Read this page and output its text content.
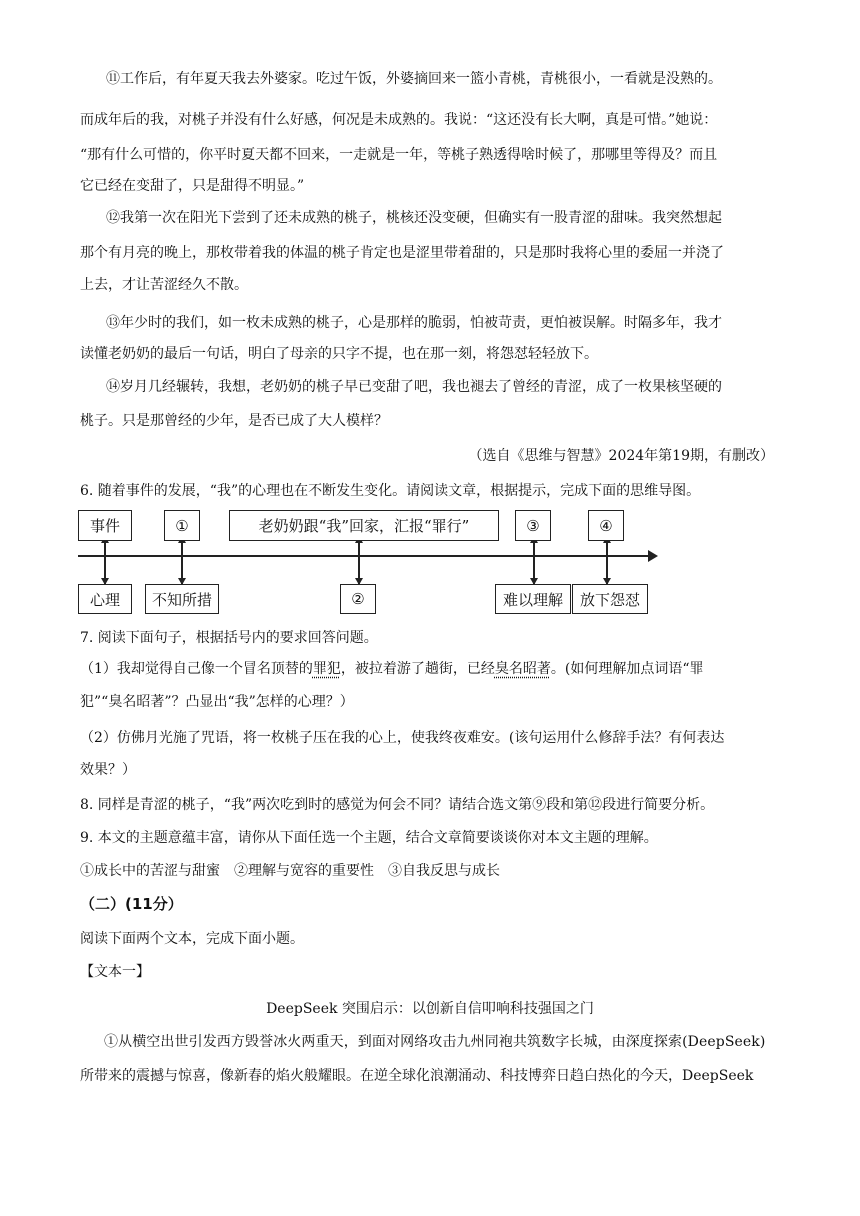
⑪工作后，有年夏天我去外婆家。吃过午饭，外婆摘回来一篮小青桃，青桃很小，一看就是没熟的。
而成年后的我，对桃子并没有什么好感，何况是未成熟的。我说：“这还没有长大啊，真是可惜。”她说：
“那有什么可惜的，你平时夏天都不回来，一走就是一年，等桃子熟透得啥时候了，那哪里等得及？而且
它已经在变甜了，只是甜得不明显。”
⑫我第一次在阳光下尝到了还未成熟的桃子，桃核还没变硬，但确实有一股青涩的甜味。我突然想起
那个有月亮的晚上，那枚带着我的体温的桃子肯定也是涩里带着甜的，只是那时我将心里的委屈一并浇了
上去，才让苦涩经久不散。
⑬年少时的我们，如一枚未成熟的桃子，心是那样的脆弱，怕被苛责，更怕被误解。时隔多年，我才
读懂老奶奶的最后一句话，明白了母亲的只字不提，也在那一刻，将怨怼轻轻放下。
⑭岁月几经辗转，我想，老奶奶的桃子早已变甜了吧，我也褪去了曾经的青涩，成了一枚果核坚硬的
桃子。只是那曾经的少年，是否已成了大人模样？
（选自《思维与智慧》2024年第19期，有删改）
6. 随着事件的发展，“我”的心理也在不断发生变化。请阅读文章，根据提示，完成下面的思维导图。
事件	①	老奶奶跟“我”回家，汇报“罪行”	③	④
心理	不知所措	②	难以理解	放下怨怼
7. 阅读下面句子，根据括号内的要求回答问题。
（1）我却觉得自己像一个冒名顶替的罪犯，被拉着游了趟街，已经臭名昭著。(如何理解加点词语“罪
犯”“臭名昭著”？凸显出“我”怎样的心理？）
（2）仿佛月光施了咒语，将一枚桃子压在我的心上，使我终夜难安。(该句运用什么修辞手法？有何表达
效果？）
8. 同样是青涩的桃子，“我”两次吃到时的感觉为何会不同？请结合选文第⑨段和第⑫段进行简要分析。
9. 本文的主题意蕴丰富，请你从下面任选一个主题，结合文章简要谈谈你对本文主题的理解。
①成长中的苦涩与甜蜜　②理解与宽容的重要性　③自我反思与成长
（二）(11分）
阅读下面两个文本，完成下面小题。
【文本一】
DeepSeek 突围启示：以创新自信叩响科技强国之门
①从横空出世引发西方毁誉冰火两重天，到面对网络攻击九州同袍共筑数字长城，由深度探索(DeepSeek)
所带来的震撼与惊喜，像新春的焰火般耀眼。在逆全球化浪潮涌动、科技博弈日趋白热化的今天，DeepSeek
